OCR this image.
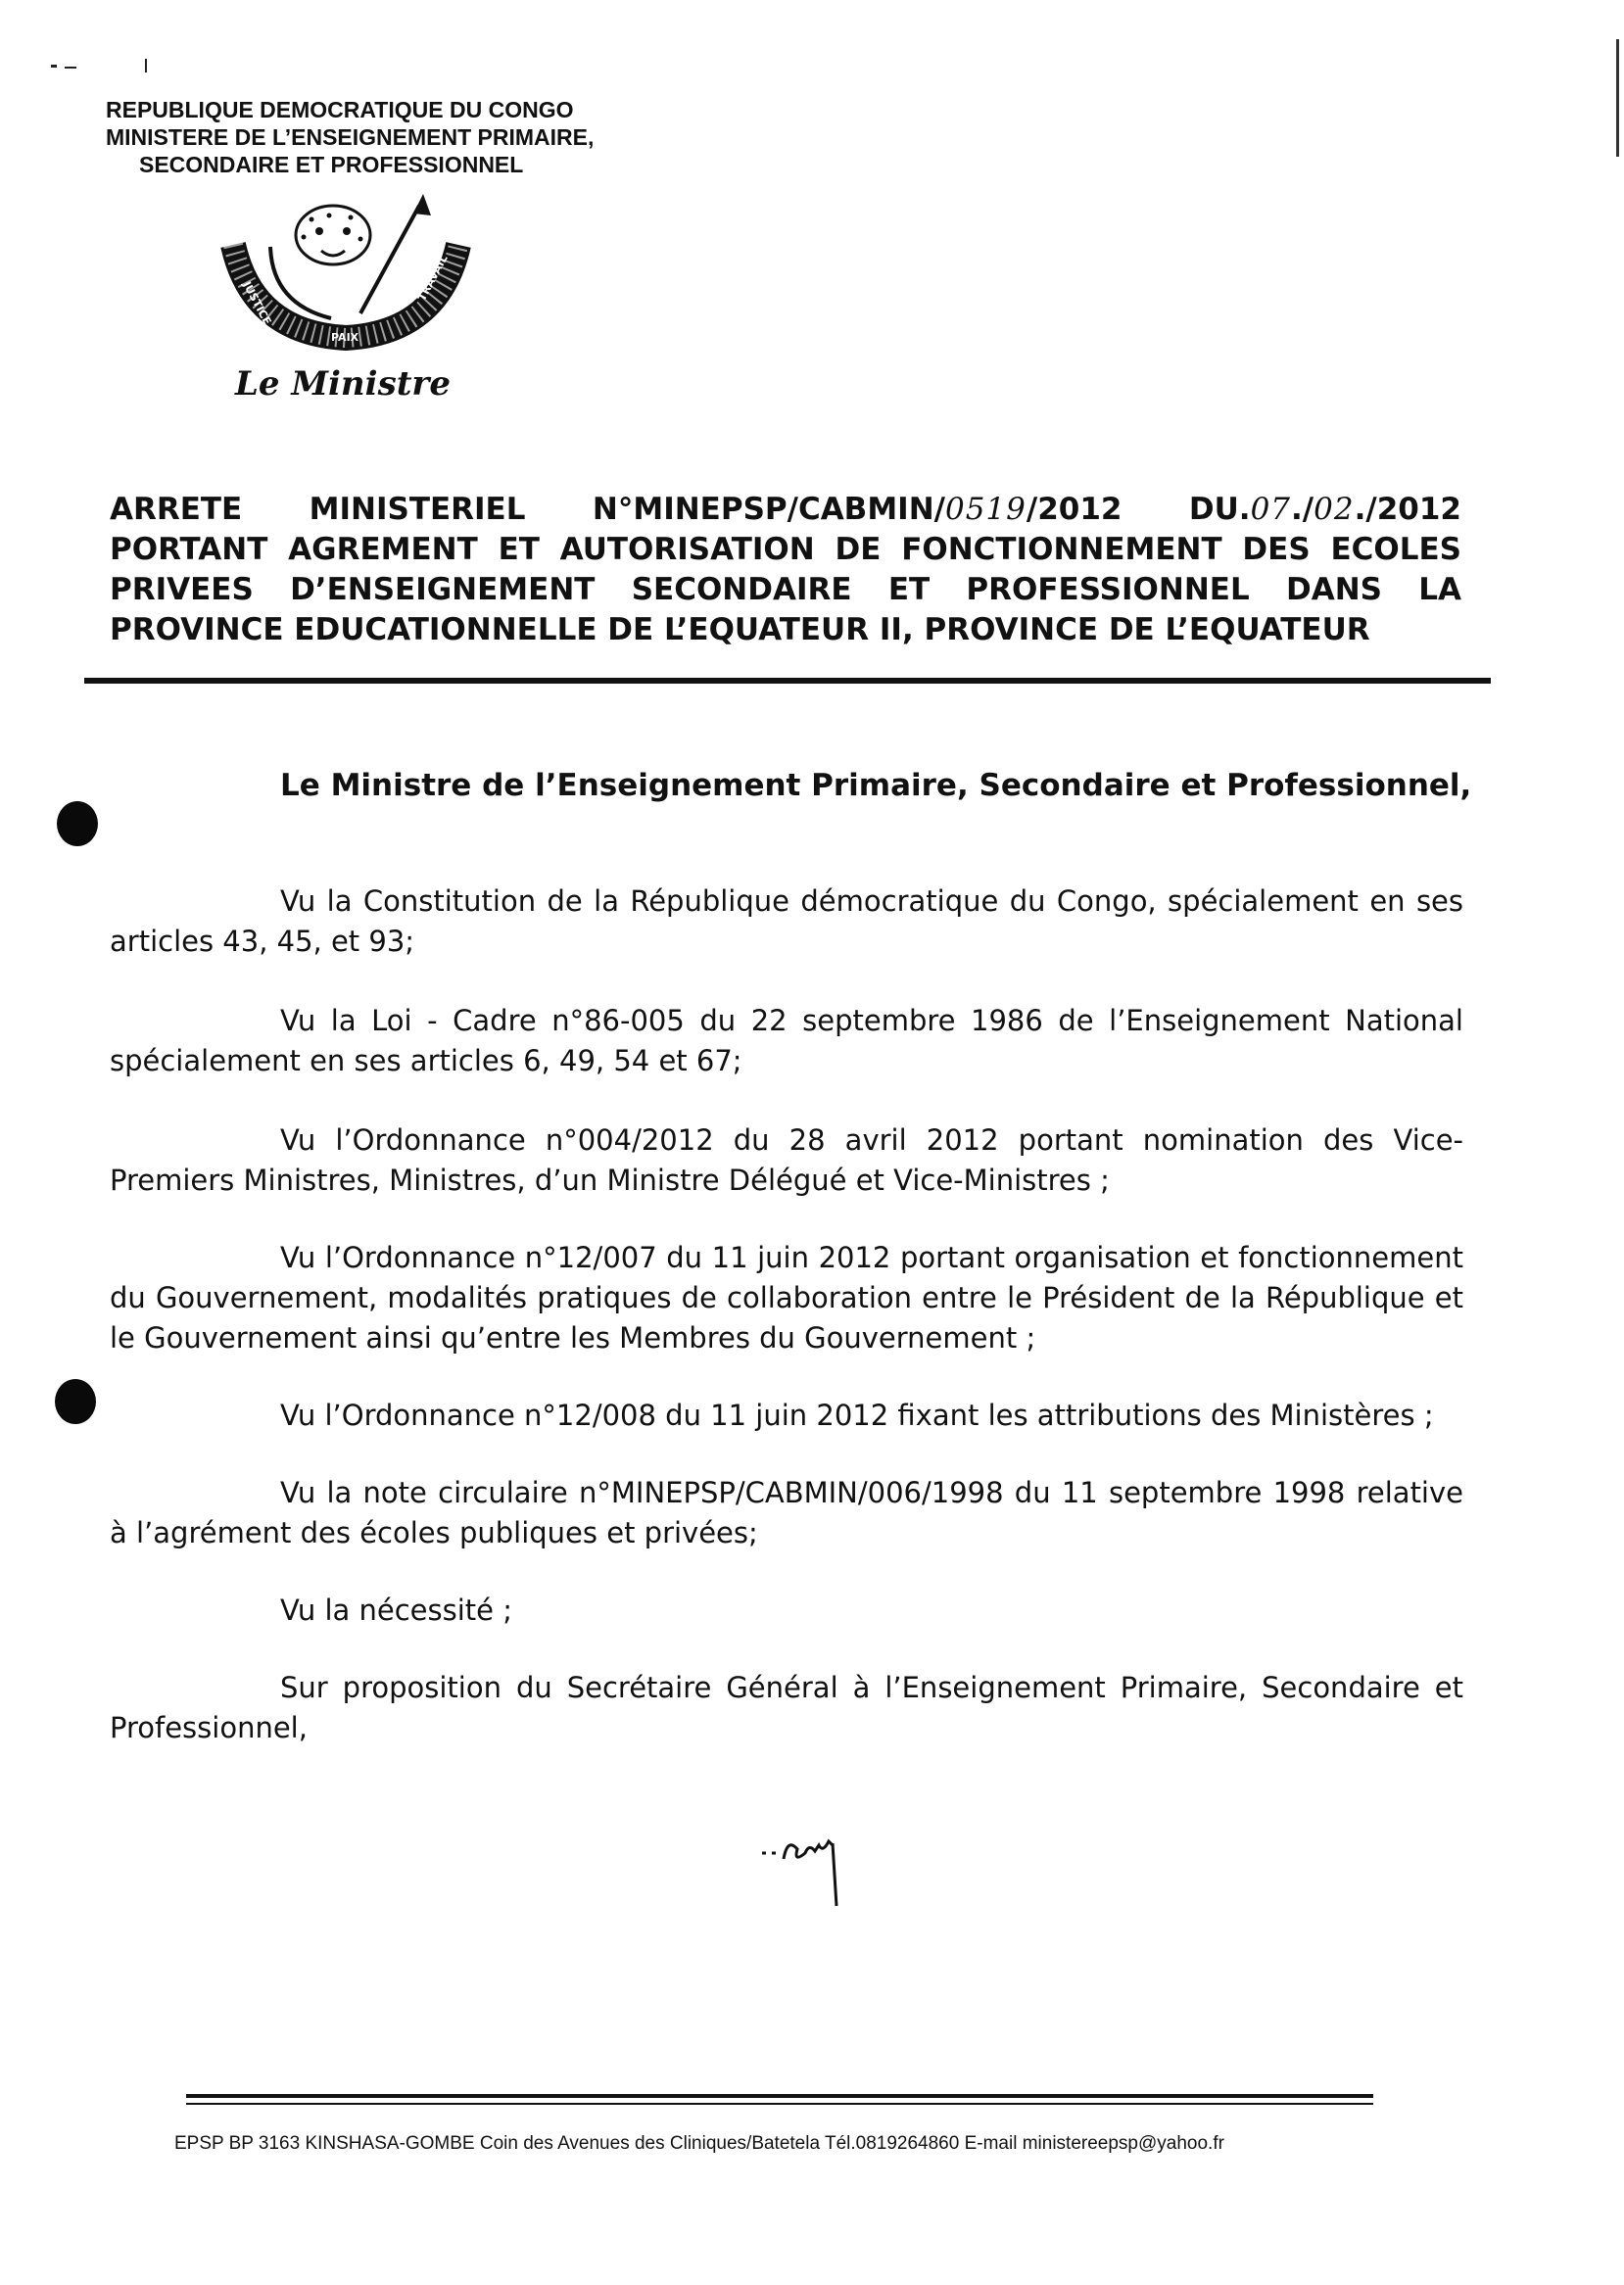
REPUBLIQUE DEMOCRATIQUE DU CONGO
MINISTERE DE L’ENSEIGNEMENT PRIMAIRE,
SECONDAIRE ET PROFESSIONNEL
JUSTICE
PAIX
TRAVAIL
Le Ministre
ARRETE MINISTERIEL N°MINEPSP/CABMIN/0519/2012 DU.07./02./2012
PORTANT AGREMENT ET AUTORISATION DE FONCTIONNEMENT DES ECOLES
PRIVEES D’ENSEIGNEMENT SECONDAIRE ET PROFESSIONNEL DANS LA
PROVINCE EDUCATIONNELLE DE L’EQUATEUR II, PROVINCE DE L’EQUATEUR
Le Ministre de l’Enseignement Primaire, Secondaire et Professionnel,

Vu la Constitution de la République démocratique du Congo, spécialement en ses articles 43, 45, et 93;

Vu la Loi - Cadre n°86-005 du 22 septembre 1986 de l’Enseignement National spécialement en ses articles 6, 49, 54 et 67;

Vu l’Ordonnance n°004/2012 du 28 avril 2012 portant nomination des Vice-Premiers Ministres, Ministres, d’un Ministre Délégué et Vice-Ministres ;

Vu l’Ordonnance n°12/007 du 11 juin 2012 portant organisation et fonctionnement du Gouvernement, modalités pratiques de collaboration entre le Président de la République et le Gouvernement ainsi qu’entre les Membres du Gouvernement ;

Vu l’Ordonnance n°12/008 du 11 juin 2012 fixant les attributions des Ministères ;

Vu la note circulaire n°MINEPSP/CABMIN/006/1998 du 11 septembre 1998 relative à l’agrément des écoles publiques et privées;

Vu la nécessité ;

Sur proposition du Secrétaire Général à l’Enseignement Primaire, Secondaire et Professionnel,

EPSP BP 3163 KINSHASA-GOMBE Coin des Avenues des Cliniques/Batetela Tél.0819264860 E-mail ministereepsp@yahoo.fr
